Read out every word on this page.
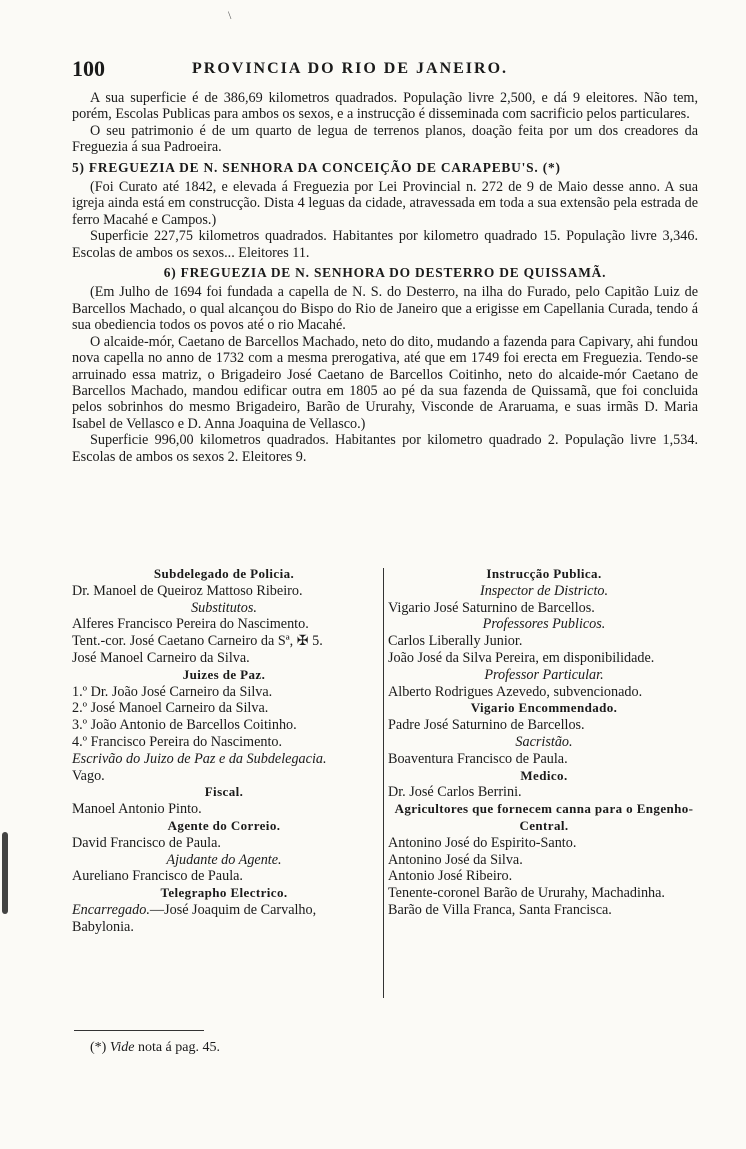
\
100	PROVINCIA DO RIO DE JANEIRO.

A sua superficie é de 386,69 kilometros quadrados. População livre 2,500, e dá 9 eleitores. Não tem, porém, Escolas Publicas para ambos os sexos, e a instrucção é disseminada com sacrificio pelos particulares.

O seu patrimonio é de um quarto de legua de terrenos planos, doação feita por um dos creadores da Freguezia á sua Padroeira.

5) FREGUEZIA DE N. SENHORA DA CONCEIÇÃO DE CARAPEBU'S. (*)

(Foi Curato até 1842, e elevada á Freguezia por Lei Provincial n. 272 de 9 de Maio desse anno. A sua igreja ainda está em construcção. Dista 4 leguas da cidade, atravessada em toda a sua extensão pela estrada de ferro Macahé e Campos.)

Superficie 227,75 kilometros quadrados. Habitantes por kilometro quadrado 15. População livre 3,346. Escolas de ambos os sexos... Eleitores 11.

6) FREGUEZIA DE N. SENHORA DO DESTERRO DE QUISSAMÃ.

(Em Julho de 1694 foi fundada a capella de N. S. do Desterro, na ilha do Furado, pelo Capitão Luiz de Barcellos Machado, o qual alcançou do Bispo do Rio de Janeiro que a erigisse em Capellania Curada, tendo á sua obediencia todos os povos até o rio Macahé.

O alcaide-mór, Caetano de Barcellos Machado, neto do dito, mudando a fazenda para Capivary, ahi fundou nova capella no anno de 1732 com a mesma prerogativa, até que em 1749 foi erecta em Freguezia. Tendo-se arruinado essa matriz, o Brigadeiro José Caetano de Barcellos Coitinho, neto do alcaide-mór Caetano de Barcellos Machado, mandou edificar outra em 1805 ao pé da sua fazenda de Quissamã, que foi concluida pelos sobrinhos do mesmo Brigadeiro, Barão de Ururahy, Visconde de Araruama, e suas irmãs D. Maria Isabel de Vellasco e D. Anna Joaquina de Vellasco.)

Superficie 996,00 kilometros quadrados. Habitantes por kilometro quadrado 2. População livre 1,534. Escolas de ambos os sexos 2. Eleitores 9.

Subdelegado de Policia.

Dr. Manoel de Queiroz Mattoso Ribeiro.

Substitutos.

Alferes Francisco Pereira do Nascimento.

Tent.-cor. José Caetano Carneiro da Sª, ✠ 5.

José Manoel Carneiro da Silva.

Juizes de Paz.

1.º Dr. João José Carneiro da Silva.

2.º José Manoel Carneiro da Silva.

3.º João Antonio de Barcellos Coitinho.

4.º Francisco Pereira do Nascimento.

Escrivão do Juizo de Paz e da Subdelegacia.

Vago.

Fiscal.

Manoel Antonio Pinto.

Agente do Correio.

David Francisco de Paula.

Ajudante do Agente.

Aureliano Francisco de Paula.

Telegrapho Electrico.

Encarregado.—José Joaquim de Carvalho, Babylonia.

Instrucção Publica.

Inspector de Districto.

Vigario José Saturnino de Barcellos.

Professores Publicos.

Carlos Liberally Junior.

João José da Silva Pereira, em disponibilidade.

Professor Particular.

Alberto Rodrigues Azevedo, subvencionado.

Vigario Encommendado.

Padre José Saturnino de Barcellos.

Sacristão.

Boaventura Francisco de Paula.

Medico.

Dr. José Carlos Berrini.

Agricultores que fornecem canna para o Engenho-Central.

Antonino José do Espirito-Santo.

Antonino José da Silva.

Antonio José Ribeiro.

Tenente-coronel Barão de Ururahy, Machadinha.

Barão de Villa Franca, Santa Francisca.

(*) Vide nota á pag. 45.
